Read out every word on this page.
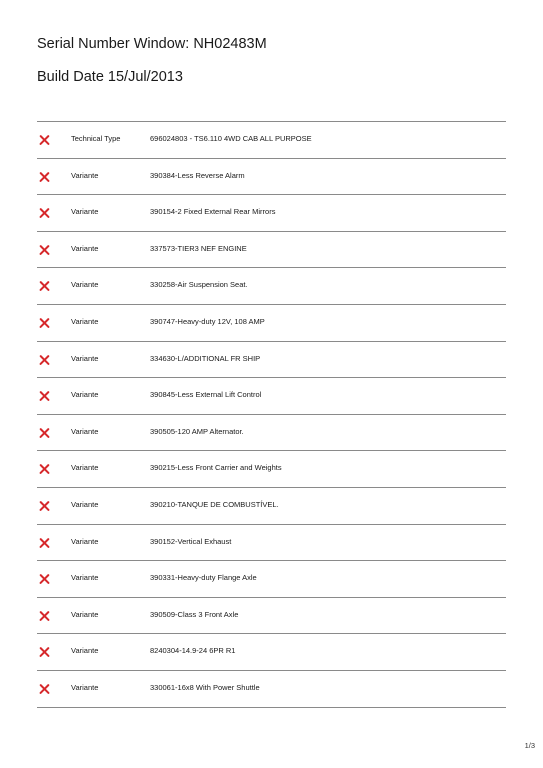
Serial Number Window: NH02483M
Build Date 15/Jul/2013
Technical Type	696024803 - TS6.110 4WD CAB ALL PURPOSE
Variante	390384-Less Reverse Alarm
Variante	390154-2 Fixed External Rear Mirrors
Variante	337573-TIER3 NEF ENGINE
Variante	330258-Air Suspension Seat.
Variante	390747-Heavy-duty 12V, 108 AMP
Variante	334630-L/ADDITIONAL FR SHIP
Variante	390845-Less External Lift Control
Variante	390505-120 AMP Alternator.
Variante	390215-Less Front Carrier and Weights
Variante	390210-TANQUE DE COMBUSTÍVEL.
Variante	390152-Vertical Exhaust
Variante	390331-Heavy-duty Flange Axle
Variante	390509-Class 3 Front Axle
Variante	8240304-14.9-24 6PR R1
Variante	330061-16x8 With Power Shuttle
1/3
